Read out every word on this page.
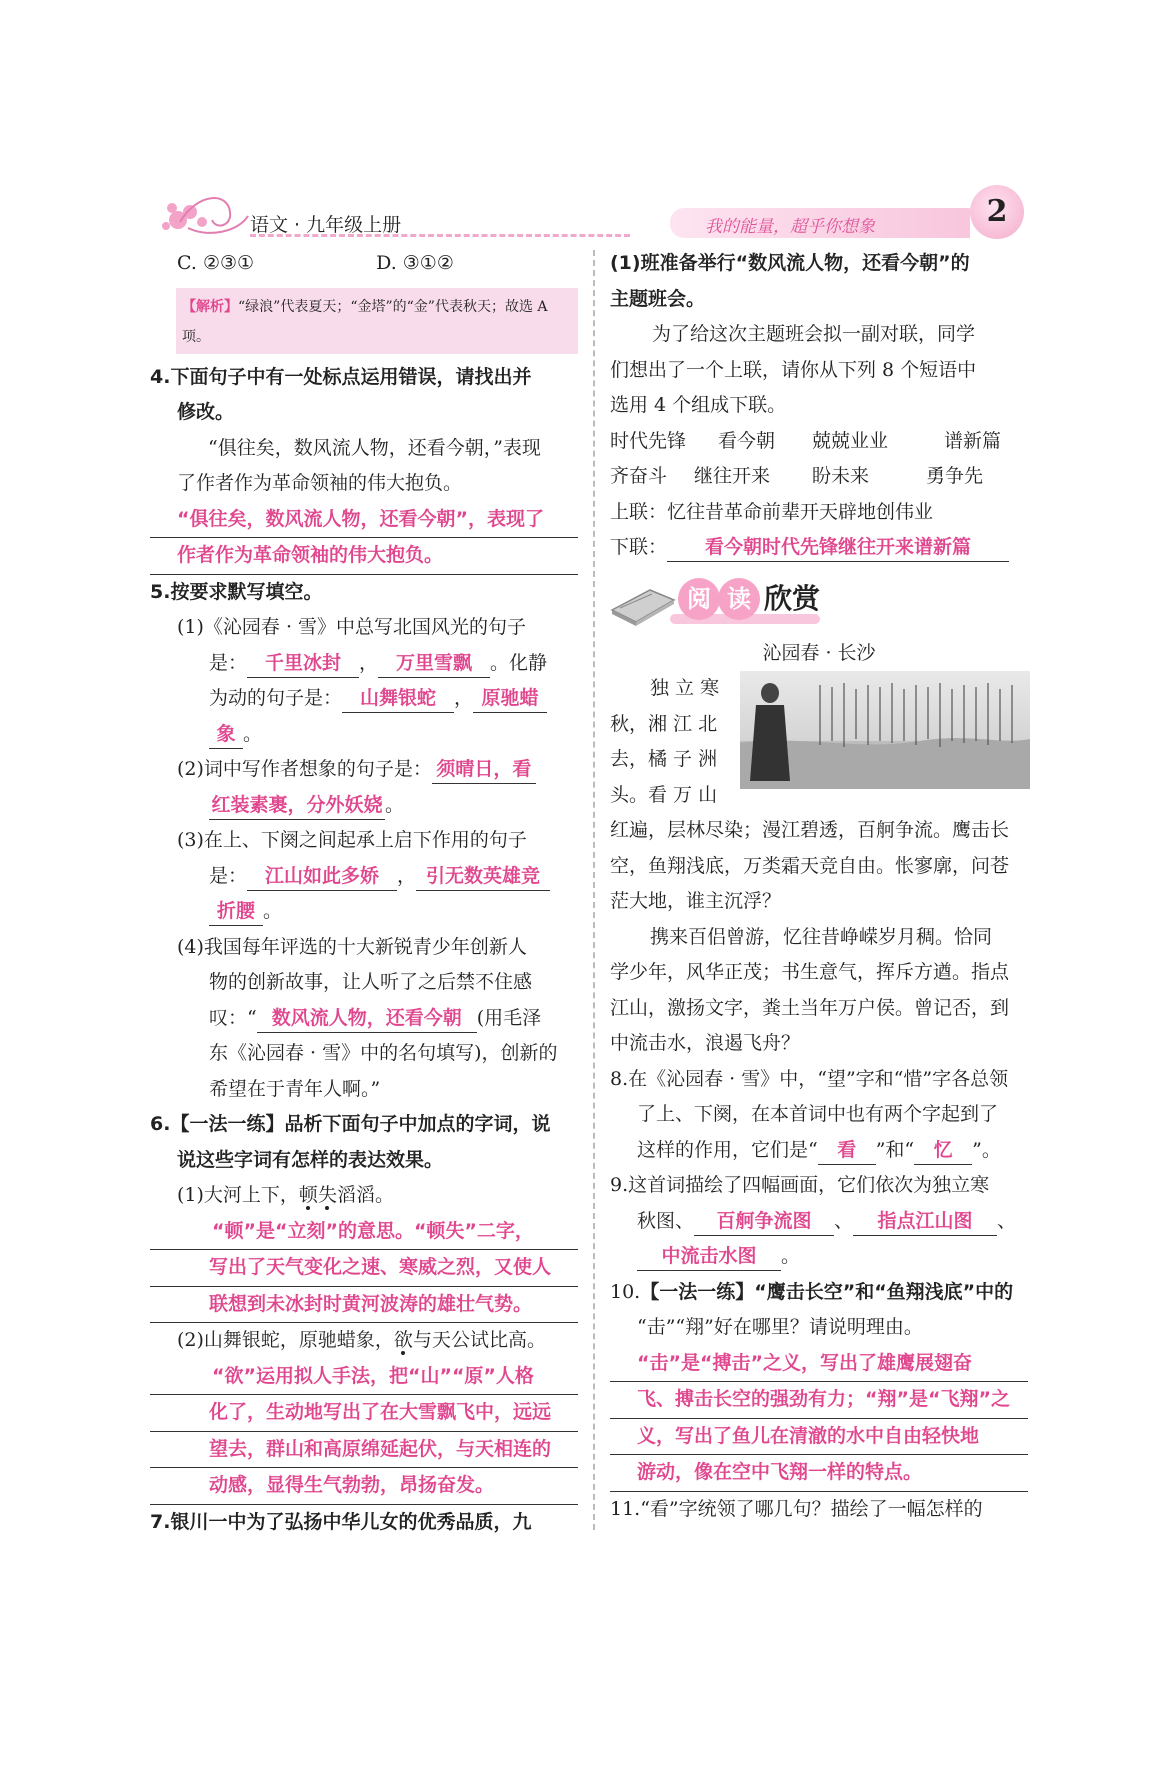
语文 · 九年级上册	我的能量，超乎你想象	2
C. ②③①	D. ③①②
【解析】“绿浪”代表夏天；“金塔”的“金”代表秋天；故选 A
项。
4.下面句子中有一处标点运用错误，请找出并
修改。
“俱往矣，数风流人物，还看今朝，”表现
了作者作为革命领袖的伟大抱负。
“俱往矣，数风流人物，还看今朝”，表现了
作者作为革命领袖的伟大抱负。
5.按要求默写填空。
(1)《沁园春 · 雪》中总写北国风光的句子
是： 千里冰封 ， 万里雪飘 。化静
为动的句子是： 山舞银蛇 ， 原驰蜡
象 。
(2)词中写作者想象的句子是： 须晴日，看
红装素裹，分外妖娆 。
(3)在上、下阕之间起承上启下作用的句子
是： 江山如此多娇 ， 引无数英雄竞
折腰 。
(4)我国每年评选的十大新锐青少年创新人
物的创新故事，让人听了之后禁不住感
叹：“ 数风流人物，还看今朝 (用毛泽
东《沁园春 · 雪》中的名句填写)，创新的
希望在于青年人啊。”
6.【一法一练】品析下面句子中加点的字词，说
说这些字词有怎样的表达效果。
(1)大河上下，顿失滔滔。
“顿”是“立刻”的意思。“顿失”二字，
写出了天气变化之速、寒威之烈，又使人
联想到未冰封时黄河波涛的雄壮气势。
(2)山舞银蛇，原驰蜡象，欲与天公试比高。
“欲”运用拟人手法，把“山”“原”人格
化了，生动地写出了在大雪飘飞中，远远
望去，群山和高原绵延起伏，与天相连的
动感，显得生气勃勃，昂扬奋发。
7.银川一中为了弘扬中华儿女的优秀品质，九
(1)班准备举行“数风流人物，还看今朝”的
主题班会。
为了给这次主题班会拟一副对联，同学
们想出了一个上联，请你从下列 8 个短语中
选用 4 个组成下联。
时代先锋 看今朝 兢兢业业	谱新篇
齐奋斗 继往开来 盼未来	勇争先
上联：忆往昔革命前辈开天辟地创伟业
下联： 看今朝时代先锋继往开来谱新篇
阅 读 欣赏
沁园春 · 长沙
独 立 寒
秋，湘 江 北
去，橘 子 洲
头。看 万 山
红遍，层林尽染；漫江碧透，百舸争流。鹰击长
空，鱼翔浅底，万类霜天竞自由。怅寥廓，问苍
茫大地，谁主沉浮？
携来百侣曾游，忆往昔峥嵘岁月稠。恰同
学少年，风华正茂；书生意气，挥斥方遒。指点
江山，激扬文字，粪土当年万户侯。曾记否，到
中流击水，浪遏飞舟？
8.在《沁园春 · 雪》中，“望”字和“惜”字各总领
了上、下阕，在本首词中也有两个字起到了
这样的作用，它们是“ 看 ”和“ 忆 ”。
9.这首词描绘了四幅画面，它们依次为独立寒
秋图、 百舸争流图 、 指点江山图 、
中流击水图 。
10.【一法一练】“鹰击长空”和“鱼翔浅底”中的
“击”“翔”好在哪里？请说明理由。
“击”是“搏击”之义，写出了雄鹰展翅奋
飞、搏击长空的强劲有力；“翔”是“飞翔”之
义，写出了鱼儿在清澈的水中自由轻快地
游动，像在空中飞翔一样的特点。
11.“看”字统领了哪几句？描绘了一幅怎样的
